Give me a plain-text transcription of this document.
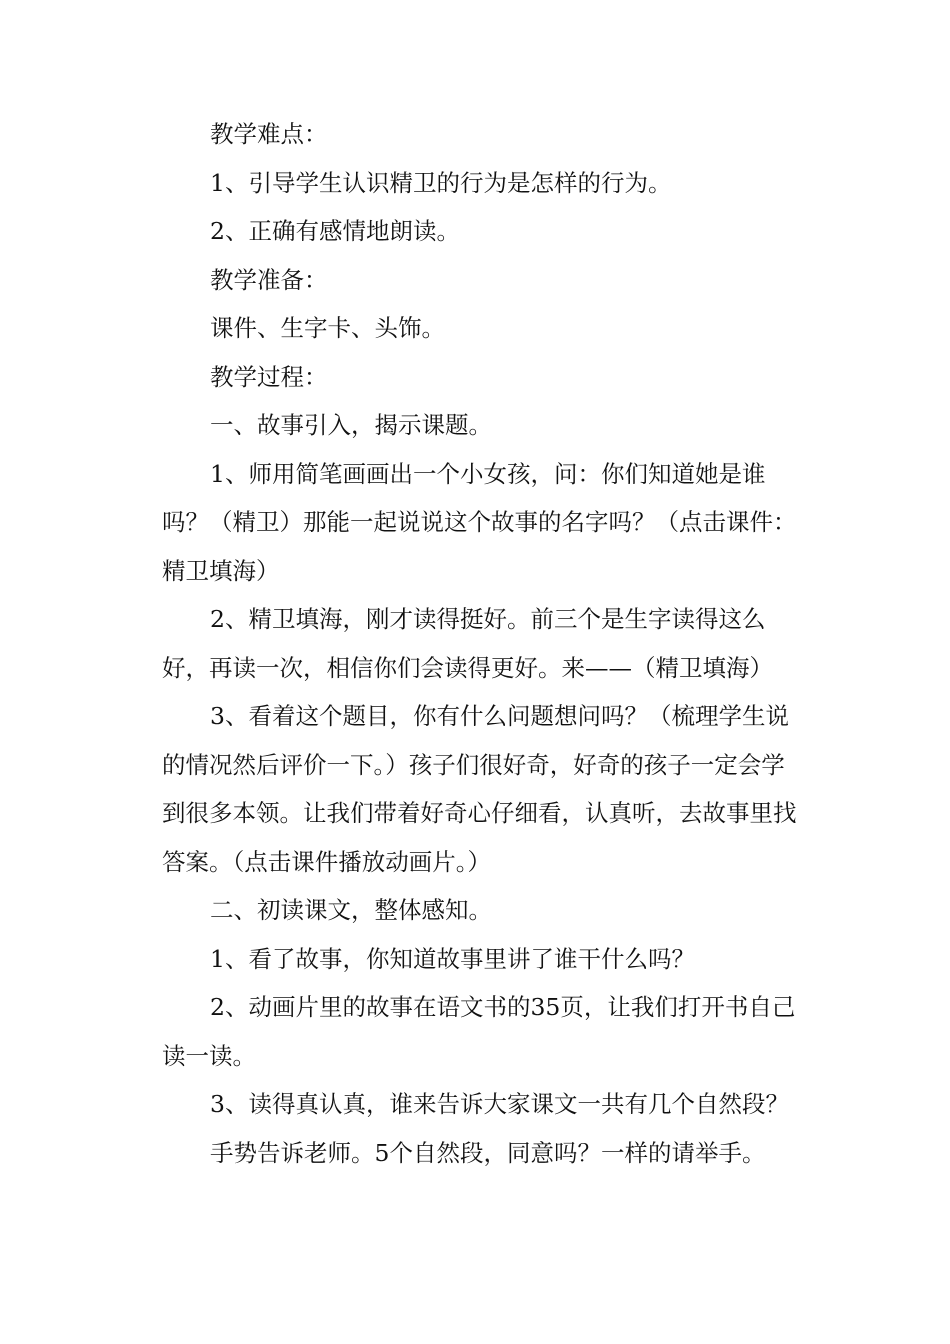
教学难点：

1、引导学生认识精卫的行为是怎样的行为。

2、正确有感情地朗读。

教学准备：

课件、生字卡、头饰。

教学过程：

一、故事引入，揭示课题。

1、师用简笔画画出一个小女孩，问：你们知道她是谁吗？（精卫）那能一起说说这个故事的名字吗？（点击课件：精卫填海）

2、精卫填海，刚才读得挺好。前三个是生字读得这么好，再读一次，相信你们会读得更好。来——（精卫填海）

3、看着这个题目，你有什么问题想问吗？（梳理学生说的情况然后评价一下。）孩子们很好奇，好奇的孩子一定会学到很多本领。让我们带着好奇心仔细看，认真听，去故事里找答案。（点击课件播放动画片。）

二、初读课文，整体感知。

1、看了故事，你知道故事里讲了谁干什么吗？

2、动画片里的故事在语文书的35页，让我们打开书自己读一读。

3、读得真认真，谁来告诉大家课文一共有几个自然段？

手势告诉老师。5个自然段，同意吗？一样的请举手。
